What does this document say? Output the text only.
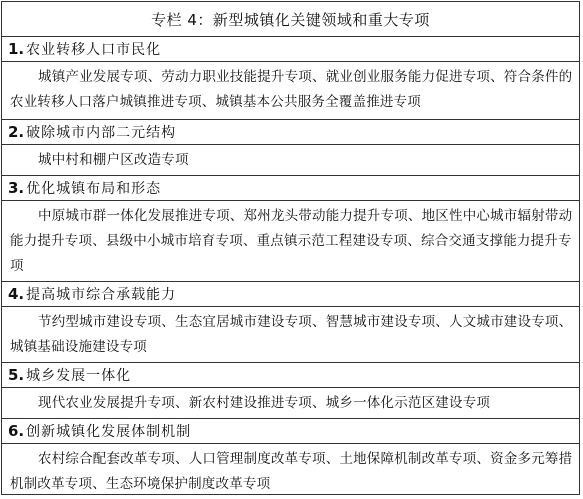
专栏 4：新型城镇化关键领域和重大专项
1. 农业转移人口市民化
城镇产业发展专项、劳动力职业技能提升专项、就业创业服务能力促进专项、符合条件的农业转移人口落户城镇推进专项、城镇基本公共服务全覆盖推进专项
2. 破除城市内部二元结构
城中村和棚户区改造专项
3. 优化城镇布局和形态
中原城市群一体化发展推进专项、郑州龙头带动能力提升专项、地区性中心城市辐射带动能力提升专项、县级中小城市培育专项、重点镇示范工程建设专项、综合交通支撑能力提升专项
4. 提高城市综合承载能力
节约型城市建设专项、生态宜居城市建设专项、智慧城市建设专项、人文城市建设专项、城镇基础设施建设专项
5. 城乡发展一体化
现代农业发展提升专项、新农村建设推进专项、城乡一体化示范区建设专项
6. 创新城镇化发展体制机制
农村综合配套改革专项、人口管理制度改革专项、土地保障机制改革专项、资金多元筹措机制改革专项、生态环境保护制度改革专项
